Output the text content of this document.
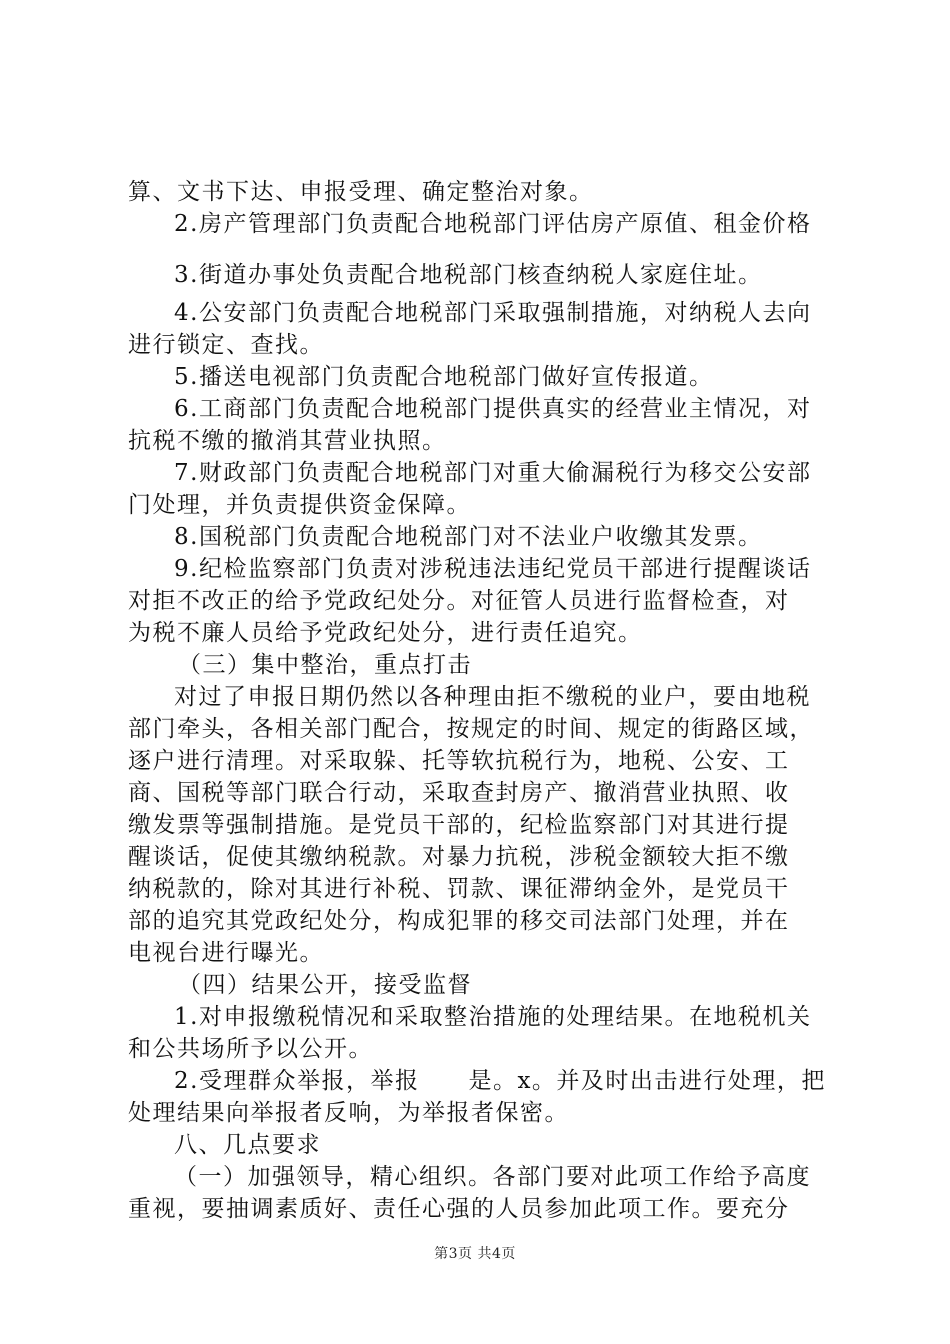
算、文书下达、申报受理、确定整治对象。
2.房产管理部门负责配合地税部门评估房产原值、租金价格
3.街道办事处负责配合地税部门核查纳税人家庭住址。
4.公安部门负责配合地税部门采取强制措施，对纳税人去向
进行锁定、查找。
5.播送电视部门负责配合地税部门做好宣传报道。
6.工商部门负责配合地税部门提供真实的经营业主情况，对
抗税不缴的撤消其营业执照。
7.财政部门负责配合地税部门对重大偷漏税行为移交公安部
门处理，并负责提供资金保障。
8.国税部门负责配合地税部门对不法业户收缴其发票。
9.纪检监察部门负责对涉税违法违纪党员干部进行提醒谈话
对拒不改正的给予党政纪处分。对征管人员进行监督检查，对
为税不廉人员给予党政纪处分，进行责任追究。
（三）集中整治，重点打击
对过了申报日期仍然以各种理由拒不缴税的业户，要由地税
部门牵头，各相关部门配合，按规定的时间、规定的街路区域，
逐户进行清理。对采取躲、托等软抗税行为，地税、公安、工
商、国税等部门联合行动，采取查封房产、撤消营业执照、收
缴发票等强制措施。是党员干部的，纪检监察部门对其进行提
醒谈话，促使其缴纳税款。对暴力抗税，涉税金额较大拒不缴
纳税款的，除对其进行补税、罚款、课征滞纳金外，是党员干
部的追究其党政纪处分，构成犯罪的移交司法部门处理，并在
电视台进行曝光。
（四）结果公开，接受监督
1.对申报缴税情况和采取整治措施的处理结果。在地税机关
和公共场所予以公开。
2.受理群众举报，举报　　是。x。并及时出击进行处理，把
处理结果向举报者反响，为举报者保密。
八、几点要求
（一）加强领导，精心组织。各部门要对此项工作给予高度
重视，要抽调素质好、责任心强的人员参加此项工作。要充分
第3页 共4页
